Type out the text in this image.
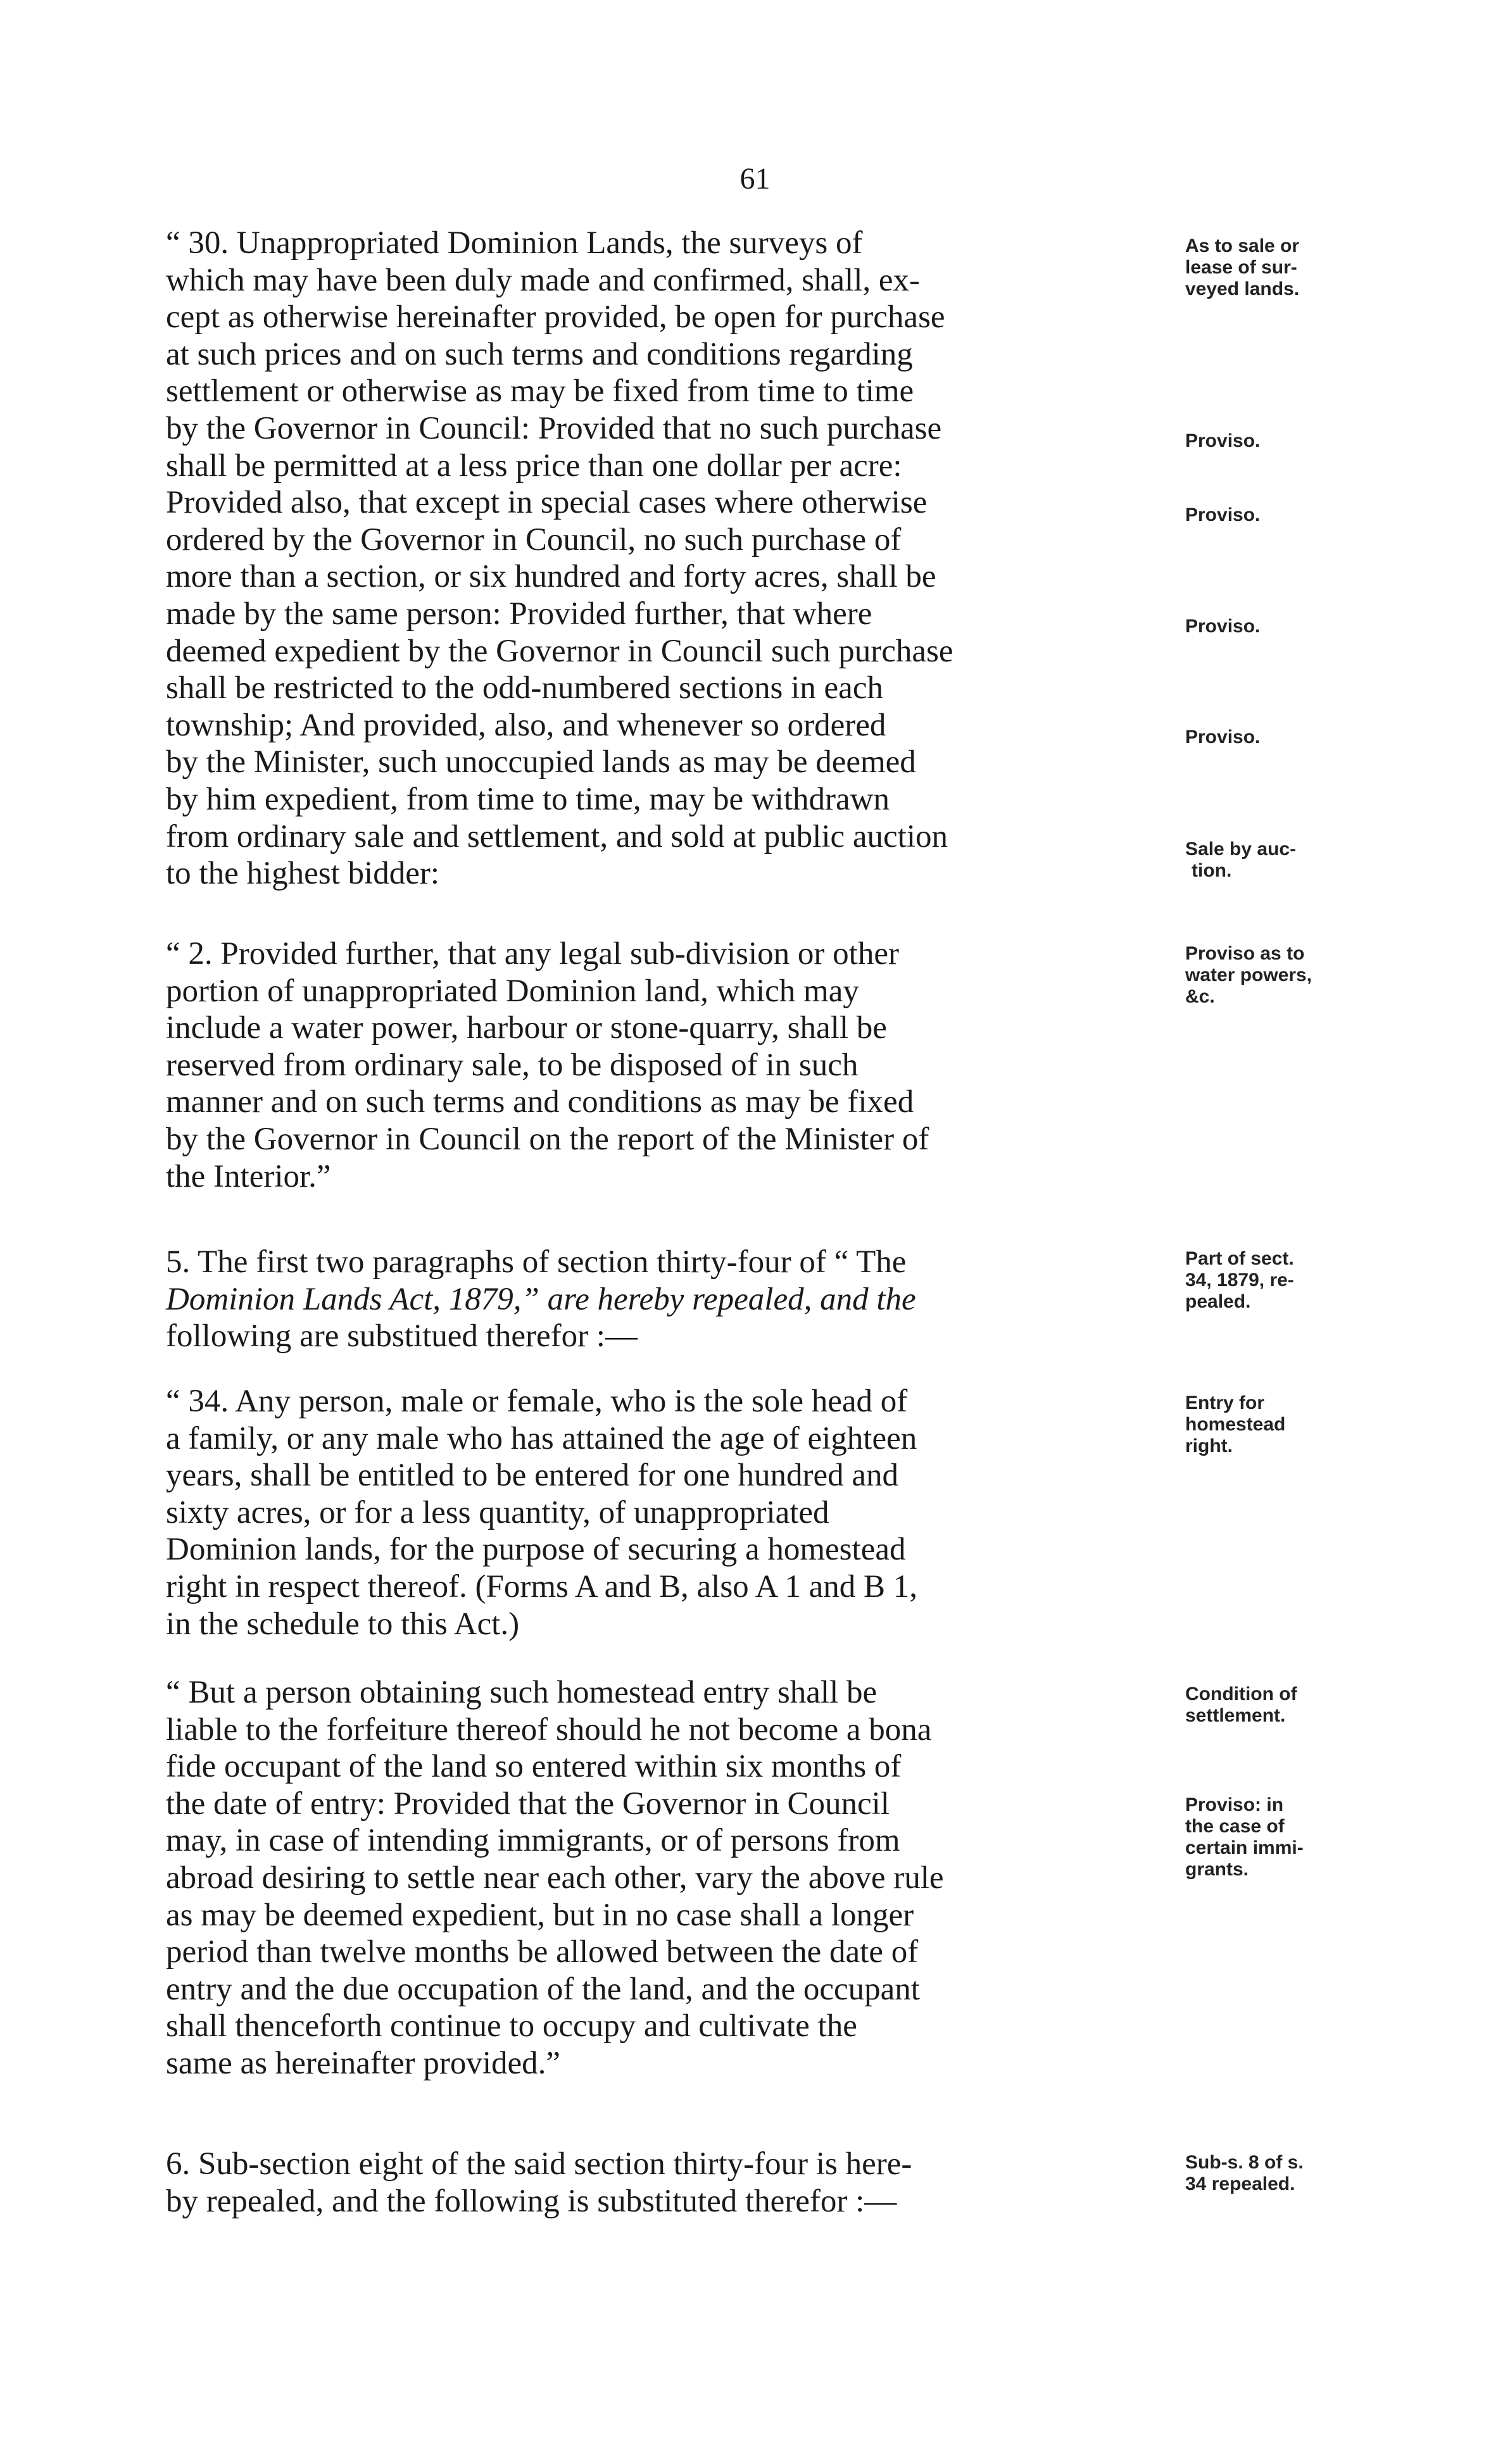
61
“ 30. Unappropriated Dominion Lands, the surveys of
which may have been duly made and confirmed, shall, ex-
cept as otherwise hereinafter provided, be open for purchase
at such prices and on such terms and conditions regarding
settlement or otherwise as may be fixed from time to time
by the Governor in Council: Provided that no such purchase
shall be permitted at a less price than one dollar per acre:
Provided also, that except in special cases where otherwise
ordered by the Governor in Council, no such purchase of
more than a section, or six hundred and forty acres, shall be
made by the same person: Provided further, that where
deemed expedient by the Governor in Council such purchase
shall be restricted to the odd-numbered sections in each
township; And provided, also, and whenever so ordered
by the Minister, such unoccupied lands as may be deemed
by him expedient, from time to time, may be withdrawn
from ordinary sale and settlement, and sold at public auction
to the highest bidder:
“ 2. Provided further, that any legal sub-division or other
portion of unappropriated Dominion land, which may
include a water power, harbour or stone-quarry, shall be
reserved from ordinary sale, to be disposed of in such
manner and on such terms and conditions as may be fixed
by the Governor in Council on the report of the Minister of
the Interior.”
5. The first two paragraphs of section thirty-four of “ The
Dominion Lands Act, 1879,” are hereby repealed, and the
following are substitued therefor :—
“ 34. Any person, male or female, who is the sole head of
a family, or any male who has attained the age of eighteen
years, shall be entitled to be entered for one hundred and
sixty acres, or for a less quantity, of unappropriated
Dominion lands, for the purpose of securing a homestead
right in respect thereof. (Forms A and B, also A 1 and B 1,
in the schedule to this Act.)
“ But a person obtaining such homestead entry shall be
liable to the forfeiture thereof should he not become a bona
fide occupant of the land so entered within six months of
the date of entry: Provided that the Governor in Council
may, in case of intending immigrants, or of persons from
abroad desiring to settle near each other, vary the above rule
as may be deemed expedient, but in no case shall a longer
period than twelve months be allowed between the date of
entry and the due occupation of the land, and the occupant
shall thenceforth continue to occupy and cultivate the
same as hereinafter provided.”
6. Sub-section eight of the said section thirty-four is here-
by repealed, and the following is substituted therefor :—
As to sale or
lease of sur-
veyed lands.
Proviso.
Proviso.
Proviso.
Proviso.
Sale by auc-
tion.
Proviso as to
water powers,
&c.
Part of sect.
34, 1879, re-
pealed.
Entry for
homestead
right.
Condition of
settlement.
Proviso: in
the case of
certain immi-
grants.
Sub-s. 8 of s.
34 repealed.
